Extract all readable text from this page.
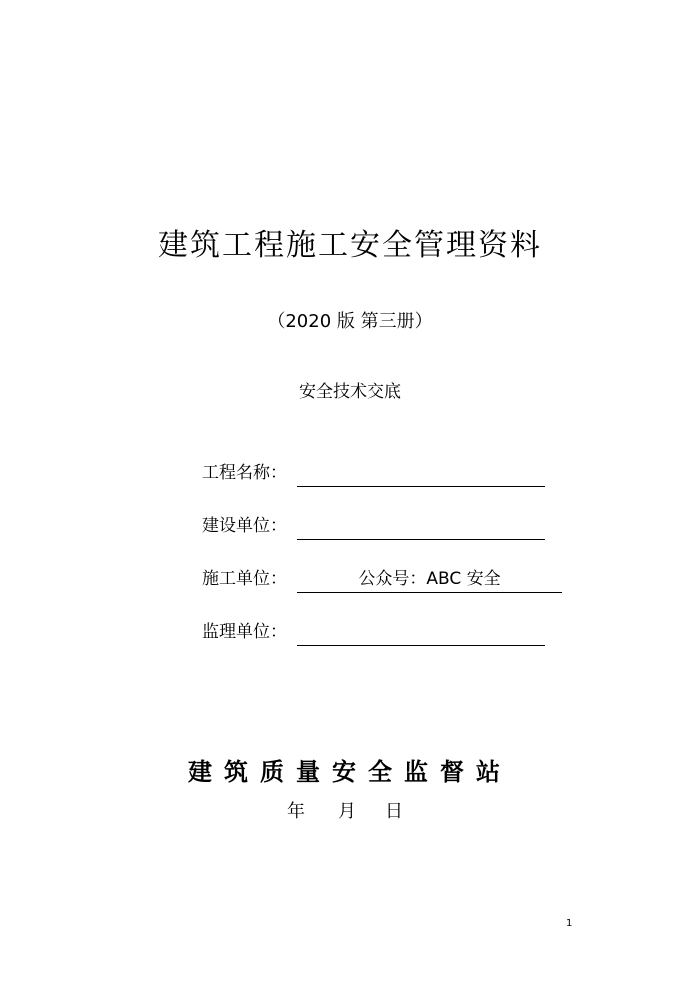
建筑工程施工安全管理资料
（2020 版 第三册）
安全技术交底
工程名称：
建设单位：
施工单位：	公众号：ABC 安全
监理单位：
建筑质量安全监督站
年 月 日
1
